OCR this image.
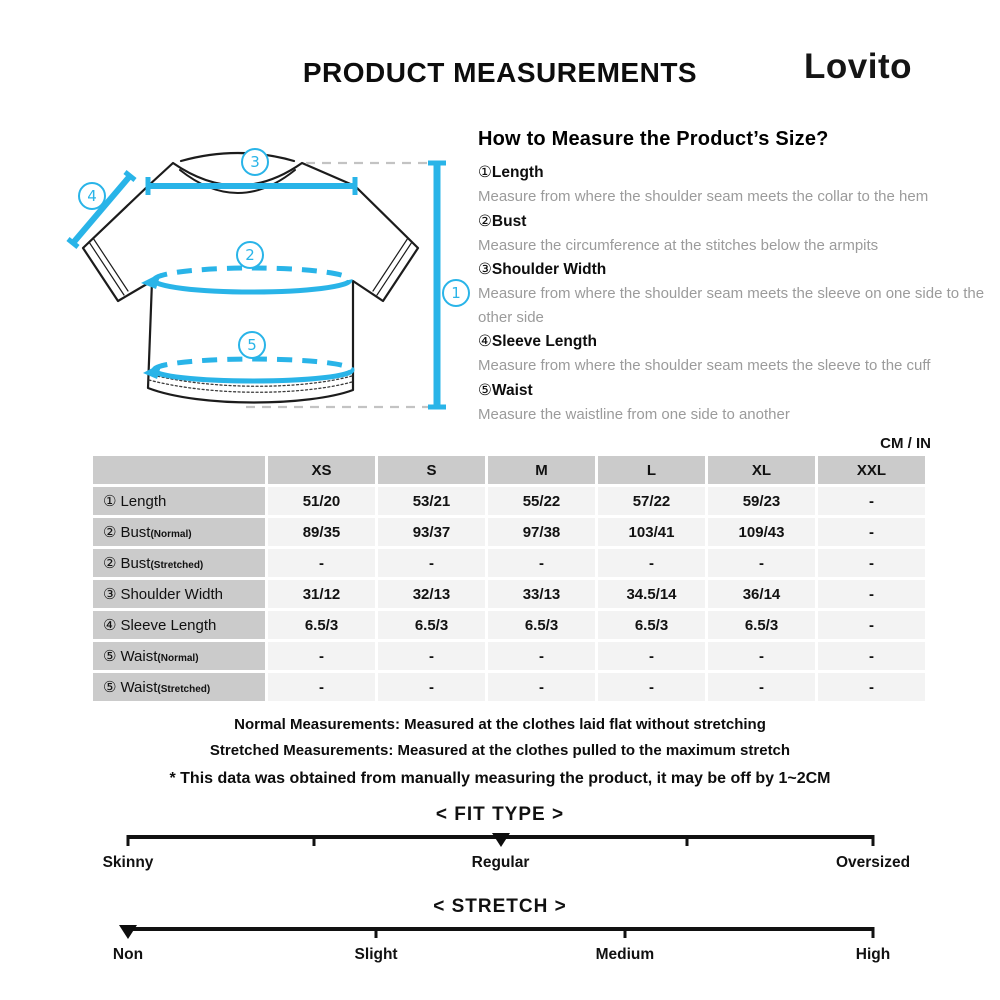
PRODUCT MEASUREMENTS	Lovito
1
2
3
4
5
How to Measure the Product’s Size?
①Length
Measure from where the shoulder seam meets the collar to the hem
②Bust
Measure the circumference at the stitches below the armpits
③Shoulder Width
Measure from where the shoulder seam meets the sleeve on one side to the other side
④Sleeve Length
Measure from where the shoulder seam meets the sleeve to the cuff
⑤Waist
Measure the waistline from one side to another
CM / IN
	XS	S	M	L	XL	XXL
① Length	51/20	53/21	55/22	57/22	59/23	-
② Bust(Normal)	89/35	93/37	97/38	103/41	109/43	-
② Bust(Stretched)	-	-	-	-	-	-
③ Shoulder Width	31/12	32/13	33/13	34.5/14	36/14	-
④ Sleeve Length	6.5/3	6.5/3	6.5/3	6.5/3	6.5/3	-
⑤ Waist(Normal)	-	-	-	-	-	-
⑤ Waist(Stretched)	-	-	-	-	-	-
Normal Measurements: Measured at the clothes laid flat without stretching
Stretched Measurements: Measured at the clothes pulled to the maximum stretch
* This data was obtained from manually measuring the product, it may be off by 1~2CM
< FIT TYPE >
Skinny	Regular	Oversized
< STRETCH >
Non	Slight	Medium	High
